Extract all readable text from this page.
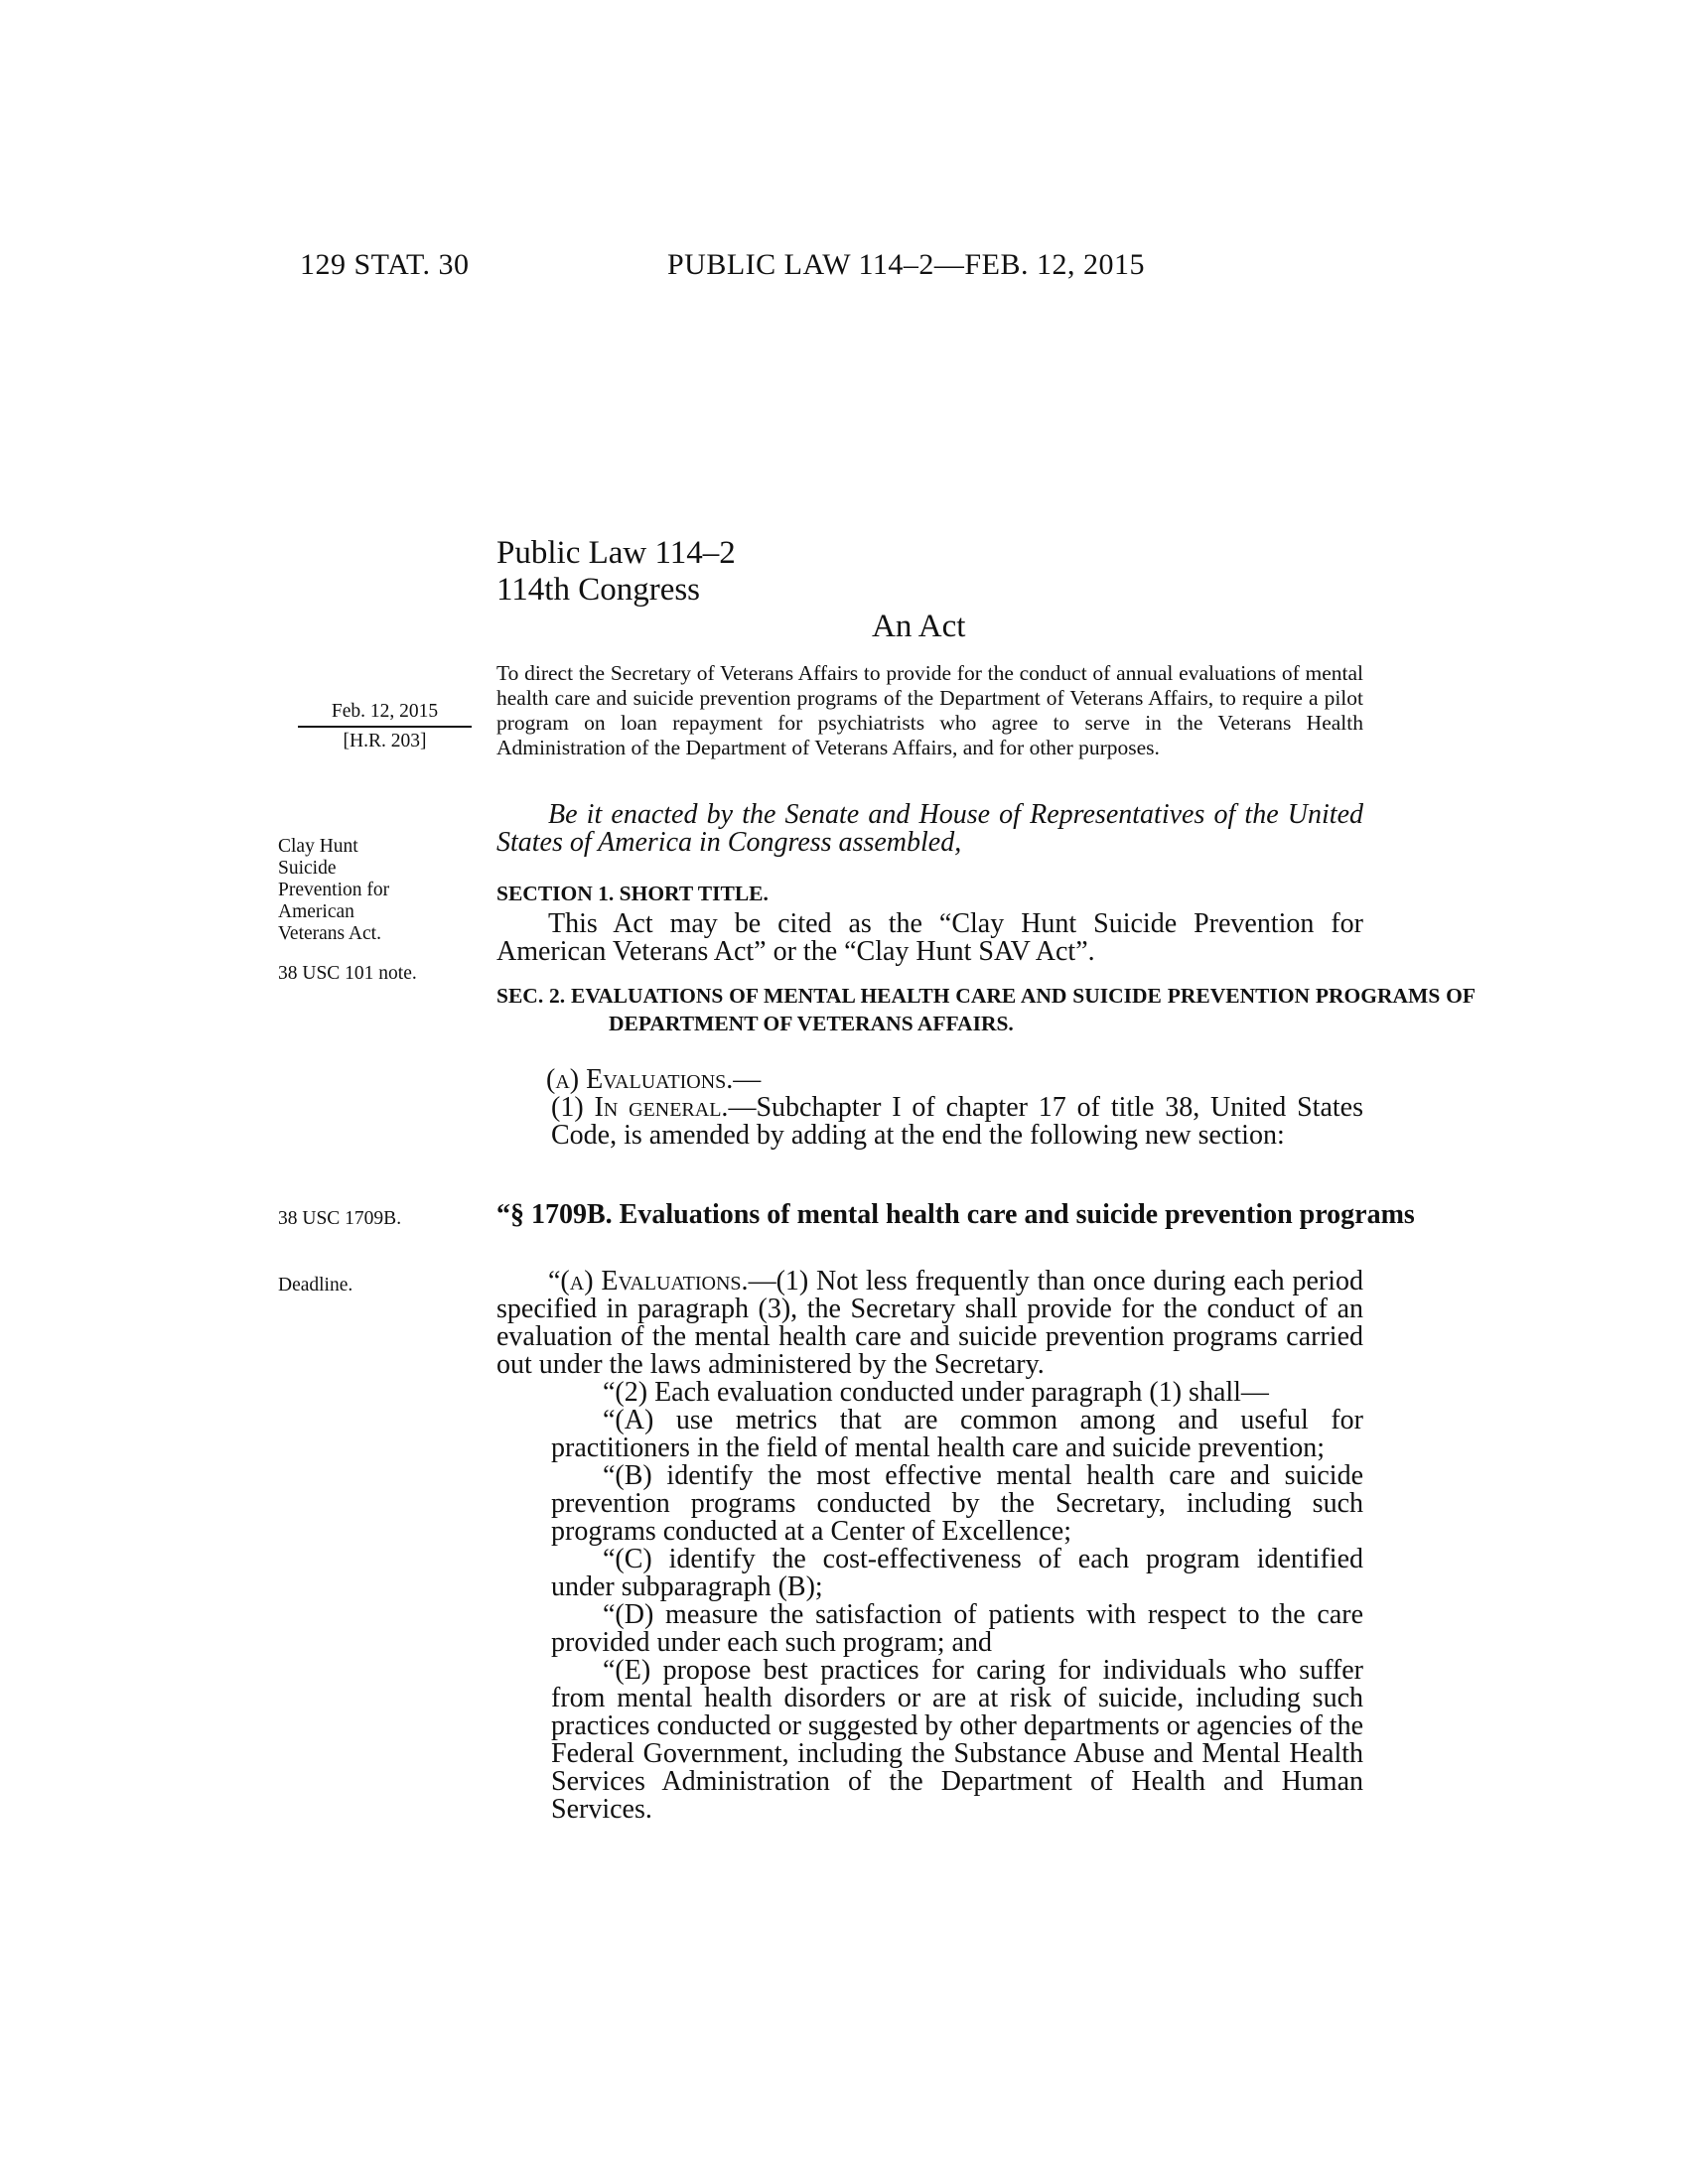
129 STAT. 30	PUBLIC LAW 114–2—FEB. 12, 2015
Public Law 114–2
114th Congress
An Act
To direct the Secretary of Veterans Affairs to provide for the conduct of annual evaluations of mental health care and suicide prevention programs of the Department of Veterans Affairs, to require a pilot program on loan repayment for psychiatrists who agree to serve in the Veterans Health Administration of the Department of Veterans Affairs, and for other purposes.
Feb. 12, 2015
[H.R. 203]
Clay Hunt
Suicide
Prevention for
American
Veterans Act.
38 USC 101 note.
38 USC 1709B.
Deadline.
Be it enacted by the Senate and House of Representatives of the United States of America in Congress assembled,
SECTION 1. SHORT TITLE.
This Act may be cited as the “Clay Hunt Suicide Prevention for American Veterans Act” or the “Clay Hunt SAV Act”.
SEC. 2. EVALUATIONS OF MENTAL HEALTH CARE AND SUICIDE PREVENTION PROGRAMS OF DEPARTMENT OF VETERANS AFFAIRS.
(a) Evaluations.—
(1) In general.—Subchapter I of chapter 17 of title 38, United States Code, is amended by adding at the end the following new section:
“§ 1709B. Evaluations of mental health care and suicide prevention programs

“(a) Evaluations.—(1) Not less frequently than once during each period specified in paragraph (3), the Secretary shall provide for the conduct of an evaluation of the mental health care and suicide prevention programs carried out under the laws administered by the Secretary.

“(2) Each evaluation conducted under paragraph (1) shall—

“(A) use metrics that are common among and useful for practitioners in the field of mental health care and suicide prevention;

“(B) identify the most effective mental health care and suicide prevention programs conducted by the Secretary, including such programs conducted at a Center of Excellence;

“(C) identify the cost-effectiveness of each program identified under subparagraph (B);

“(D) measure the satisfaction of patients with respect to the care provided under each such program; and

“(E) propose best practices for caring for individuals who suffer from mental health disorders or are at risk of suicide, including such practices conducted or suggested by other departments or agencies of the Federal Government, including the Substance Abuse and Mental Health Services Administration of the Department of Health and Human Services.
